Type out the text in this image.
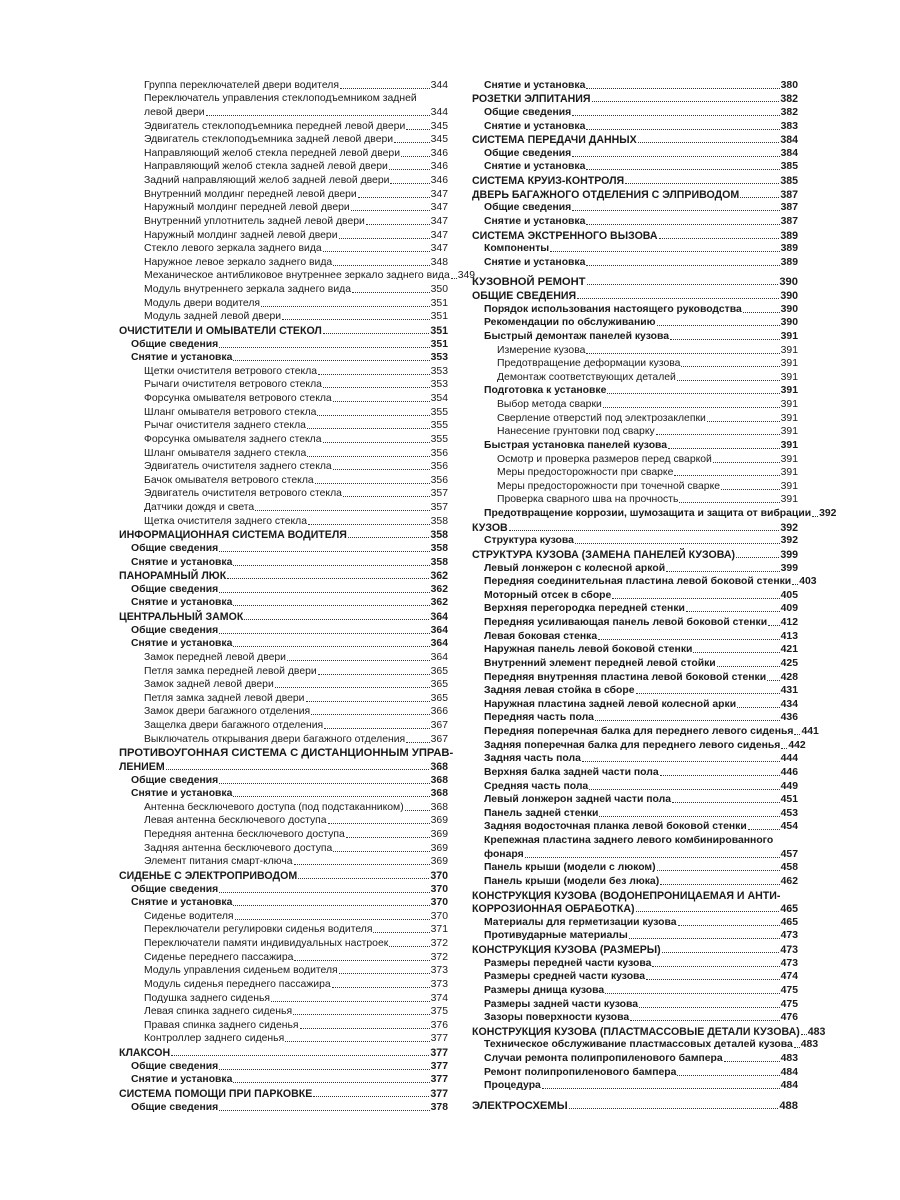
Группа переключателей двери водителя	344
Переключатель управления стеклоподъемником задней
левой двери	344
Эдвигатель стеклоподъемника передней левой двери 345
Эдвигатель стеклоподъемника задней левой двери	345
Направляющий желоб стекла передней левой двери	346
Направляющий желоб стекла задней левой двери	346
Задний направляющий желоб задней левой двери	346
Внутренний молдинг передней левой двери	347
Наружный молдинг передней левой двери	347
Внутренний уплотнитель задней левой двери	347
Наружный молдинг задней левой двери	347
Стекло левого зеркала заднего вида	347
Наружное левое зеркало заднего вида	348
Механическое антибликовое внутреннее зеркало заднего вида 349
Модуль внутреннего зеркала заднего вида	350
Модуль двери водителя	351
Модуль задней левой двери	351
ОЧИСТИТЕЛИ И ОМЫВАТЕЛИ СТЕКОЛ	351
Общие сведения	351
Снятие и установка	353
Щетки очистителя ветрового стекла	353
Рычаги очистителя ветрового стекла	353
Форсунка омывателя ветрового стекла	354
Шланг омывателя ветрового стекла	355
Рычаг очистителя заднего стекла	355
Форсунка омывателя заднего стекла	355
Шланг омывателя заднего стекла	356
Эдвигатель очистителя заднего стекла	356
Бачок омывателя ветрового стекла	356
Эдвигатель очистителя ветрового стекла	357
Датчики дождя и света	357
Щетка очистителя заднего стекла	358
ИНФОРМАЦИОННАЯ СИСТЕМА ВОДИТЕЛЯ	358
Общие сведения	358
Снятие и установка	358
ПАНОРАМНЫЙ ЛЮК	362
Общие сведения	362
Снятие и установка	362
ЦЕНТРАЛЬНЫЙ ЗАМОК	364
Общие сведения	364
Снятие и установка	364
Замок передней левой двери	364
Петля замка передней левой двери	365
Замок задней левой двери	365
Петля замка задней левой двери	365
Замок двери багажного отделения	366
Защелка двери багажного отделения	367
Выключатель открывания двери багажного отделения 367
ПРОТИВОУГОННАЯ СИСТЕМА С ДИСТАНЦИОННЫМ УПРАВ-
ЛЕНИЕМ	368
Общие сведения	368
Снятие и установка	368
Антенна бесключевого доступа (под подстаканником)	368
Левая антенна бесключевого доступа	369
Передняя антенна бесключевого доступа	369
Задняя антенна бесключевого доступа	369
Элемент питания смарт-ключа	369
СИДЕНЬЕ С ЭЛЕКТРОПРИВОДОМ	370
Общие сведения	370
Снятие и установка	370
Сиденье водителя	370
Переключатели регулировки сиденья водителя	371
Переключатели памяти индивидуальных настроек	372
Сиденье переднего пассажира	372
Модуль управления сиденьем водителя	373
Модуль сиденья переднего пассажира	373
Подушка заднего сиденья	374
Левая спинка заднего сиденья	375
Правая спинка заднего сиденья	376
Контроллер заднего сиденья	377
КЛАКСОН	377
Общие сведения	377
Снятие и установка	377
СИСТЕМА ПОМОЩИ ПРИ ПАРКОВКЕ	377
Общие сведения	378
Снятие и установка	380
РОЗЕТКИ ЭЛПИТАНИЯ	382
Общие сведения	382
Снятие и установка	383
СИСТЕМА ПЕРЕДАЧИ ДАННЫХ	384
Общие сведения	384
Снятие и установка	385
СИСТЕМА КРУИЗ-КОНТРОЛЯ	385
ДВЕРЬ БАГАЖНОГО ОТДЕЛЕНИЯ С ЭЛПРИВОДОМ	387
Общие сведения	387
Снятие и установка	387
СИСТЕМА ЭКСТРЕННОГО ВЫЗОВА	389
Компоненты	389
Снятие и установка	389
КУЗОВНОЙ РЕМОНТ	390
ОБЩИЕ СВЕДЕНИЯ	390
Порядок использования настоящего руководства	390
Рекомендации по обслуживанию	390
Быстрый демонтаж панелей кузова	391
Измерение кузова	391
Предотвращение деформации кузова	391
Демонтаж соответствующих деталей	391
Подготовка к установке	391
Выбор метода сварки	391
Сверление отверстий под электрозаклепки	391
Нанесение грунтовки под сварку	391
Быстрая установка панелей кузова	391
Осмотр и проверка размеров перед сваркой	391
Меры предосторожности при сварке	391
Меры предосторожности при точечной сварке	391
Проверка сварного шва на прочность	391
Предотвращение коррозии, шумозащита и защита от вибрации 392
КУЗОВ	392
Структура кузова	392
СТРУКТУРА КУЗОВА (ЗАМЕНА ПАНЕЛЕЙ КУЗОВА)	399
Левый лонжерон с колесной аркой	399
Передняя соединительная пластина левой боковой стенки 403
Моторный отсек в сборе	405
Верхняя перегородка передней стенки	409
Передняя усиливающая панель левой боковой стенки 412
Левая боковая стенка	413
Наружная панель левой боковой стенки	421
Внутренний элемент передней левой стойки	425
Передняя внутренняя пластина левой боковой стенки 428
Задняя левая стойка в сборе	431
Наружная пластина задней левой колесной арки	434
Передняя часть пола	436
Передняя поперечная балка для переднего левого сиденья 441
Задняя поперечная балка для переднего левого сиденья 442
Задняя часть пола	444
Верхняя балка задней части пола	446
Средняя часть пола	449
Левый лонжерон задней части пола	451
Панель задней стенки	453
Задняя водосточная планка левой боковой стенки	454
Крепежная пластина заднего левого комбинированного
фонаря	457
Панель крыши (модели с люком)	458
Панель крыши (модели без люка)	462
КОНСТРУКЦИЯ КУЗОВА (ВОДОНЕПРОНИЦАЕМАЯ И АНТИ-
КОРРОЗИОННАЯ ОБРАБОТКА)	465
Материалы для герметизации кузова	465
Противударные материалы	473
КОНСТРУКЦИЯ КУЗОВА (РАЗМЕРЫ)	473
Размеры передней части кузова	473
Размеры средней части кузова	474
Размеры днища кузова	475
Размеры задней части кузова	475
Зазоры поверхности кузова	476
КОНСТРУКЦИЯ КУЗОВА (ПЛАСТМАССОВЫЕ ДЕТАЛИ КУЗОВА) 483
Техническое обслуживание пластмассовых деталей кузова 483
Случаи ремонта полипропиленового бампера	483
Ремонт полипропиленового бампера	484
Процедура	484
ЭЛЕКТРОСХЕМЫ	488
